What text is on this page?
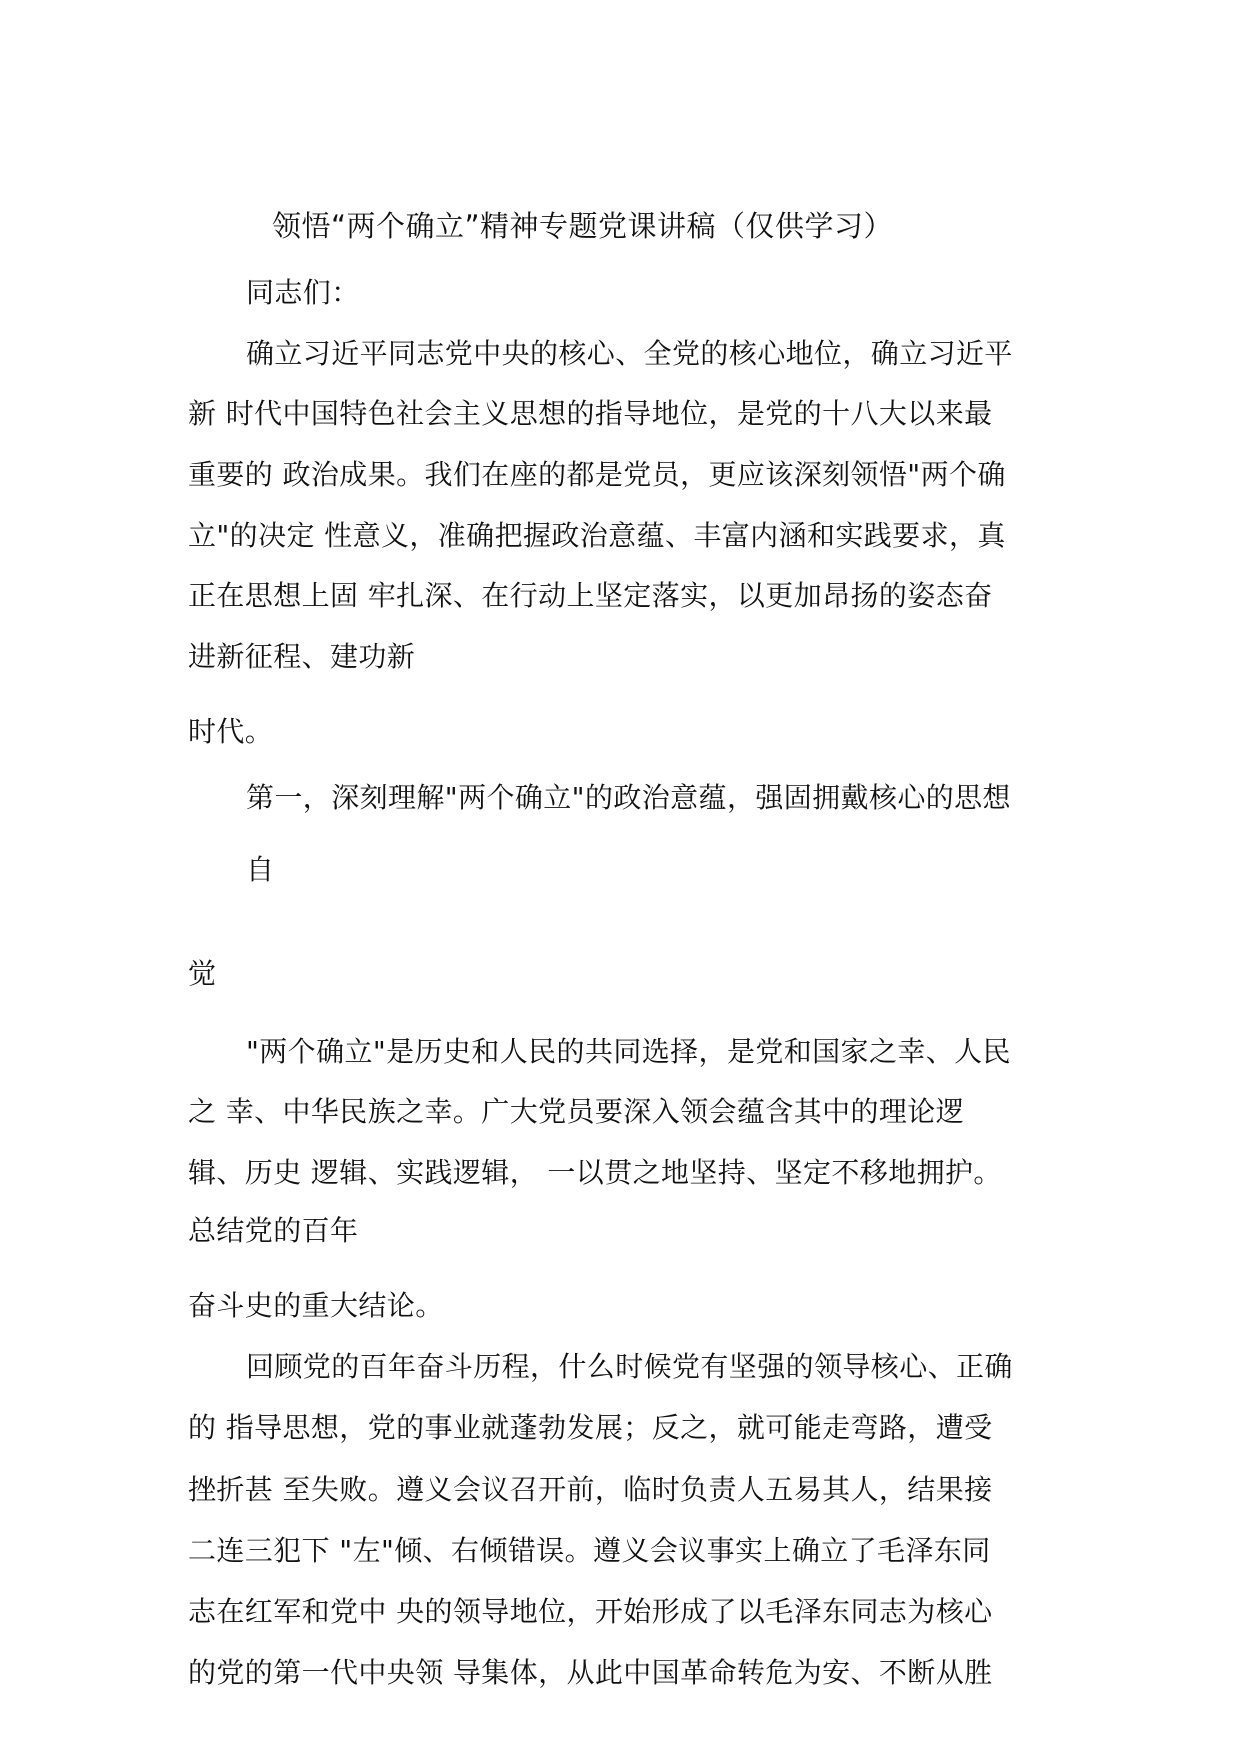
领悟“两个确立”精神专题党课讲稿（仅供学习）
同志们：
确立习近平同志党中央的核心、全党的核心地位，确立习近平
新 时代中国特色社会主义思想的指导地位，是党的十八大以来最
重要的 政治成果。我们在座的都是党员，更应该深刻领悟"两个确
立"的决定 性意义，准确把握政治意蕴、丰富内涵和实践要求，真
正在思想上固 牢扎深、在行动上坚定落实，以更加昂扬的姿态奋
进新征程、建功新
时代。
第一，深刻理解"两个确立"的政治意蕴，强固拥戴核心的思想
自
觉
"两个确立"是历史和人民的共同选择，是党和国家之幸、人民
之 幸、中华民族之幸。广大党员要深入领会蕴含其中的理论逻
辑、历史 逻辑、实践逻辑， 一以贯之地坚持、坚定不移地拥护。
总结党的百年
奋斗史的重大结论。
回顾党的百年奋斗历程，什么时候党有坚强的领导核心、正确
的 指导思想，党的事业就蓬勃发展；反之，就可能走弯路，遭受
挫折甚 至失败。遵义会议召开前，临时负责人五易其人，结果接
二连三犯下 "左"倾、右倾错误。遵义会议事实上确立了毛泽东同
志在红军和党中 央的领导地位，开始形成了以毛泽东同志为核心
的党的第一代中央领 导集体，从此中国革命转危为安、不断从胜
